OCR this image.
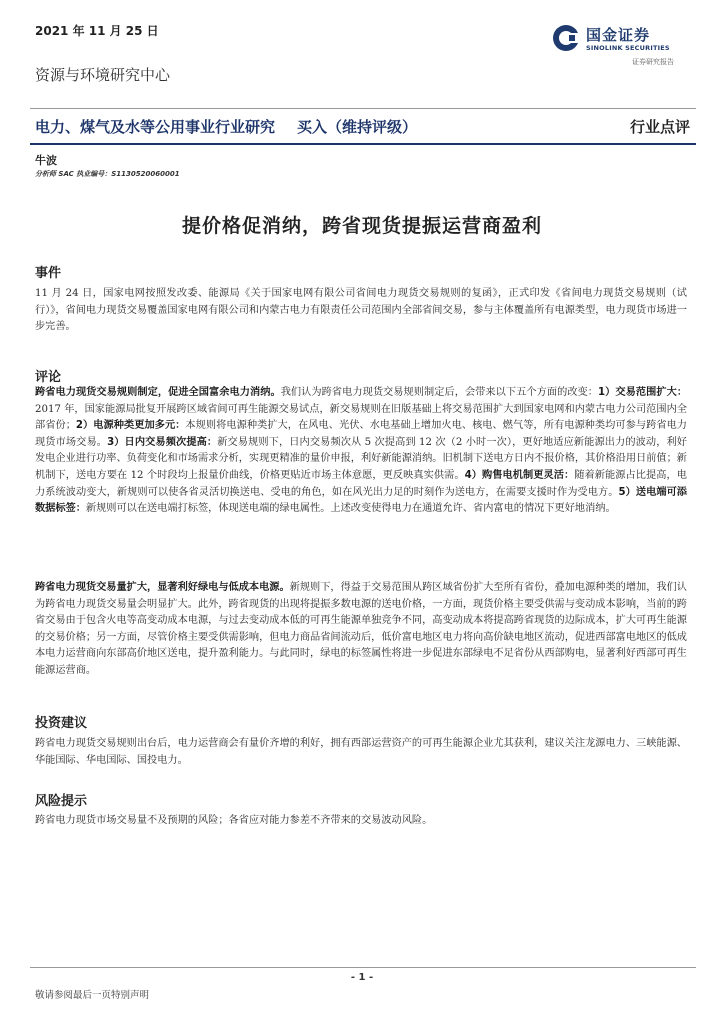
2021 年 11 月 25 日	国金证券
SINOLINK SECURITIES
证券研究报告
资源与环境研究中心
电力、煤气及水等公用事业行业研究 买入（维持评级）	行业点评
牛波
分析师 SAC 执业编号：S1130520060001
提价格促消纳，跨省现货提振运营商盈利
事件
11 月 24 日，国家电网按照发改委、能源局《关于国家电网有限公司省间电力现货交易规则的复函》，正式印发《省间电力现货交易规则（试行）》，省间电力现货交易覆盖国家电网有限公司和内蒙古电力有限责任公司范围内全部省间交易，参与主体覆盖所有电源类型，电力现货市场进一步完善。
评论
跨省电力现货交易规则制定，促进全国富余电力消纳。我们认为跨省电力现货交易规则制定后，会带来以下五个方面的改变：1）交易范围扩大：2017 年，国家能源局批复开展跨区域省间可再生能源交易试点，新交易规则在旧版基础上将交易范围扩大到国家电网和内蒙古电力公司范围内全部省份；2）电源种类更加多元：本规则将电源种类扩大，在风电、光伏、水电基础上增加火电、核电、燃气等，所有电源种类均可参与跨省电力现货市场交易。3）日内交易频次提高：新交易规则下，日内交易频次从 5 次提高到 12 次（2 小时一次），更好地适应新能源出力的波动，利好发电企业进行功率、负荷变化和市场需求分析，实现更精准的量价申报，利好新能源消纳。旧机制下送电方日内不报价格，其价格沿用日前值；新机制下，送电方要在 12 个时段均上报量价曲线，价格更贴近市场主体意愿，更反映真实供需。4）购售电机制更灵活：随着新能源占比提高，电力系统波动变大，新规则可以使各省灵活切换送电、受电的角色，如在风光出力足的时刻作为送电方，在需要支援时作为受电方。5）送电端可添数据标签：新规则可以在送电端打标签，体现送电端的绿电属性。上述改变使得电力在通道允许、省内富电的情况下更好地消纳。
跨省电力现货交易量扩大，显著利好绿电与低成本电源。新规则下，得益于交易范围从跨区域省份扩大至所有省份，叠加电源种类的增加，我们认为跨省电力现货交易量会明显扩大。此外，跨省现货的出现将提振多数电源的送电价格，一方面，现货价格主要受供需与变动成本影响，当前的跨省交易由于包含火电等高变动成本电源，与过去变动成本低的可再生能源单独竞争不同，高变动成本将提高跨省现货的边际成本，扩大可再生能源的交易价格；另一方面，尽管价格主要受供需影响，但电力商品省间流动后，低价富电地区电力将向高价缺电地区流动，促进西部富电地区的低成本电力运营商向东部高价地区送电，提升盈利能力。与此同时，绿电的标签属性将进一步促进东部绿电不足省份从西部购电，显著利好西部可再生能源运营商。
投资建议
跨省电力现货交易规则出台后，电力运营商会有量价齐增的利好，拥有西部运营资产的可再生能源企业尤其获利，建议关注龙源电力、三峡能源、华能国际、华电国际、国投电力。
风险提示
跨省电力现货市场交易量不及预期的风险；各省应对能力参差不齐带来的交易波动风险。
- 1 -
敬请参阅最后一页特别声明
